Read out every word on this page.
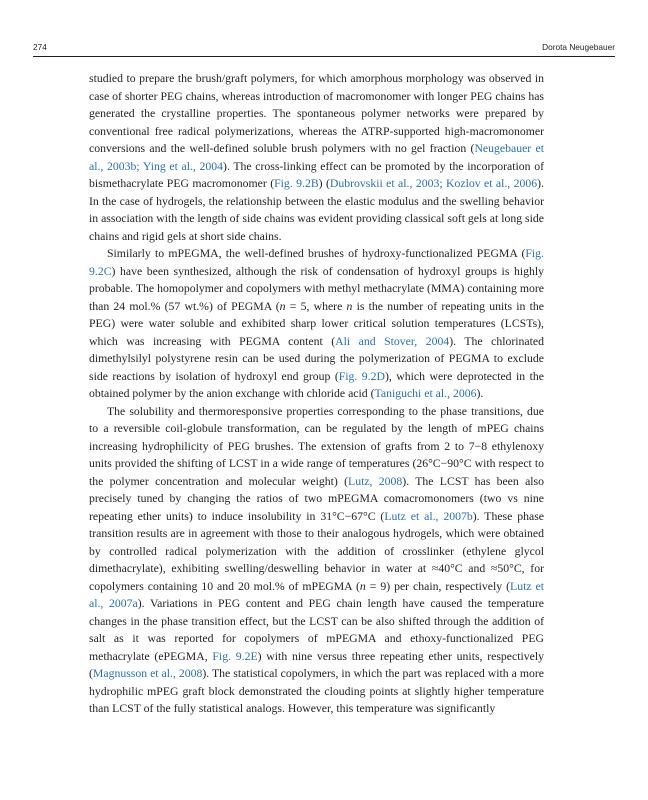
274	Dorota Neugebauer

studied to prepare the brush/graft polymers, for which amorphous morphology was observed in case of shorter PEG chains, whereas introduction of macromonomer with longer PEG chains has generated the crystalline properties. The spontaneous polymer networks were prepared by conventional free radical polymerizations, whereas the ATRP-supported high-macromonomer conversions and the well-defined soluble brush polymers with no gel fraction (Neugebauer et al., 2003b; Ying et al., 2004). The cross-linking effect can be promoted by the incorporation of bismethacrylate PEG macromonomer (Fig. 9.2B) (Dubrovskii et al., 2003; Kozlov et al., 2006). In the case of hydrogels, the relationship between the elastic modulus and the swelling behavior in association with the length of side chains was evident providing classical soft gels at long side chains and rigid gels at short side chains.

Similarly to mPEGMA, the well-defined brushes of hydroxy-functionalized PEGMA (Fig. 9.2C) have been synthesized, although the risk of condensation of hydroxyl groups is highly probable. The homopolymer and copolymers with methyl methacrylate (MMA) containing more than 24 mol.% (57 wt.%) of PEGMA (n = 5, where n is the number of repeating units in the PEG) were water soluble and exhibited sharp lower critical solution temperatures (LCSTs), which was increasing with PEGMA content (Ali and Stover, 2004). The chlorinated dimethylsilyl polystyrene resin can be used during the polymerization of PEGMA to exclude side reactions by isolation of hydroxyl end group (Fig. 9.2D), which were deprotected in the obtained polymer by the anion exchange with chloride acid (Taniguchi et al., 2006).

The solubility and thermoresponsive properties corresponding to the phase transitions, due to a reversible coil-globule transformation, can be regulated by the length of mPEG chains increasing hydrophilicity of PEG brushes. The extension of grafts from 2 to 7−8 ethylenoxy units provided the shifting of LCST in a wide range of temperatures (26°C−90°C with respect to the polymer concentration and molecular weight) (Lutz, 2008). The LCST has been also precisely tuned by changing the ratios of two mPEGMA comacromonomers (two vs nine repeating ether units) to induce insolubility in 31°C−67°C (Lutz et al., 2007b). These phase transition results are in agreement with those to their analogous hydrogels, which were obtained by controlled radical polymerization with the addition of crosslinker (ethylene glycol dimethacrylate), exhibiting swelling/deswelling behavior in water at ≈40°C and ≈50°C, for copolymers containing 10 and 20 mol.% of mPEGMA (n = 9) per chain, respectively (Lutz et al., 2007a). Variations in PEG content and PEG chain length have caused the temperature changes in the phase transition effect, but the LCST can be also shifted through the addition of salt as it was reported for copolymers of mPEGMA and ethoxy-functionalized PEG methacrylate (ePEGMA, Fig. 9.2E) with nine versus three repeating ether units, respectively (Magnusson et al., 2008). The statistical copolymers, in which the part was replaced with a more hydrophilic mPEG graft block demonstrated the clouding points at slightly higher temperature than LCST of the fully statistical analogs. However, this temperature was significantly
